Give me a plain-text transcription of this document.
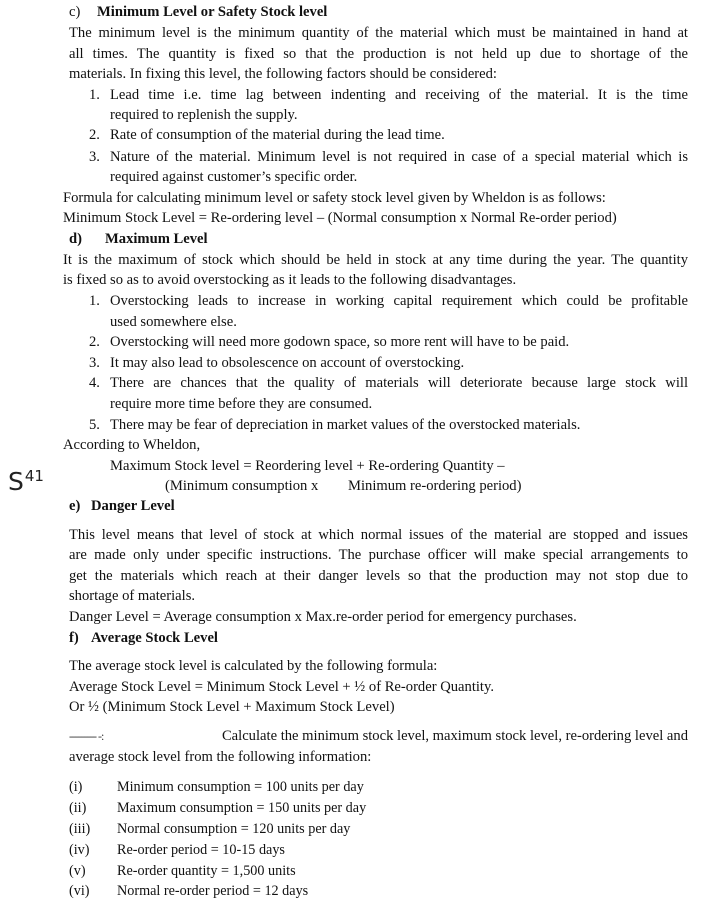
c) Minimum Level or Safety Stock level
The minimum level is the minimum quantity of the material which must be maintained in hand at
all times. The quantity is fixed so that the production is not held up due to shortage of the
materials. In fixing this level, the following factors should be considered:
1. Lead time i.e. time lag between indenting and receiving of the material. It is the time
required to replenish the supply.
2. Rate of consumption of the material during the lead time.
3. Nature of the material. Minimum level is not required in case of a special material which is
required against customer’s specific order.
Formula for calculating minimum level or safety stock level given by Wheldon is as follows:
Minimum Stock Level = Re-ordering level – (Normal consumption x Normal Re-order period)
d) Maximum Level
It is the maximum of stock which should be held in stock at any time during the year. The quantity
is fixed so as to avoid overstocking as it leads to the following disadvantages.
1. Overstocking leads to increase in working capital requirement which could be profitable
used somewhere else.
2. Overstocking will need more godown space, so more rent will have to be paid.
3. It may also lead to obsolescence on account of overstocking.
4. There are chances that the quality of materials will deteriorate because large stock will
require more time before they are consumed.
5. There may be fear of depreciation in market values of the overstocked materials.
According to Wheldon,
Maximum Stock level = Reordering level + Re-ordering Quantity –
(Minimum consumption x Minimum re-ordering period)
S41
e) Danger Level
This level means that level of stock at which normal issues of the material are stopped and issues
are made only under specific instructions. The purchase officer will make special arrangements to
get the materials which reach at their danger levels so that the production may not stop due to
shortage of materials.
Danger Level = Average consumption x Max.re-order period for emergency purchases.
f) Average Stock Level
The average stock level is calculated by the following formula:
Average Stock Level = Minimum Stock Level + ½ of Re-order Quantity.
Or ½ (Minimum Stock Level + Maximum Stock Level)
--------- -:	Calculate the minimum stock level, maximum stock level, re-ordering level and
average stock level from the following information:
(i) Minimum consumption = 100 units per day
(ii) Maximum consumption = 150 units per day
(iii) Normal consumption = 120 units per day
(iv) Re-order period = 10-15 days
(v) Re-order quantity = 1,500 units
(vi) Normal re-order period = 12 days
